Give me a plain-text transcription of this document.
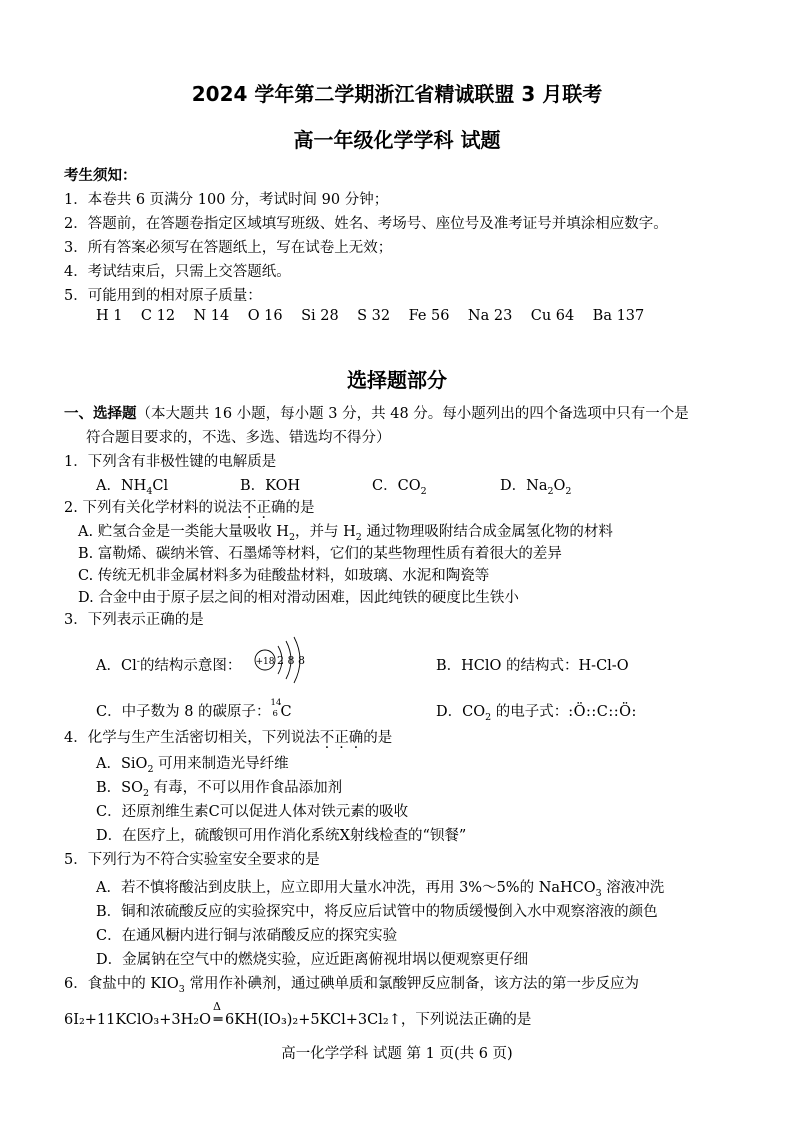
2024 学年第二学期浙江省精诚联盟 3 月联考
高一年级化学学科 试题
考生须知：
1．本卷共 6 页满分 100 分，考试时间 90 分钟；
2．答题前，在答题卷指定区域填写班级、姓名、考场号、座位号及准考证号并填涂相应数字。
3．所有答案必须写在答题纸上，写在试卷上无效；
4．考试结束后，只需上交答题纸。
5．可能用到的相对原子质量：
H 1    C 12    N 14    O 16    Si 28    S 32    Fe 56    Na 23    Cu 64    Ba 137
选择题部分
一、选择题（本大题共 16 小题，每小题 3 分，共 48 分。每小题列出的四个备选项中只有一个是
符合题目要求的，不选、多选、错选均不得分）
1．下列含有非极性键的电解质是
A．$NH_4Cl$	B．KOH	C．$CO_2$	D．$Na_2O_2$
2. 下列有关化学材料的说法不正确的是
A. 贮氢合金是一类能大量吸收 $H_2$，并与 $H_2$ 通过物理吸附结合成金属氢化物的材料
B. 富勒烯、碳纳米管、石墨烯等材料，它们的某些物理性质有着很大的差异
C. 传统无机非金属材料多为硅酸盐材料，如玻璃、水泥和陶瓷等
D. 合金中由于原子层之间的相对滑动困难，因此纯铁的硬度比生铁小
3．下列表示正确的是
A．Cl-的结构示意图： +18 2 8 8	B．HClO 的结构式：H-Cl-O
C．中子数为 8 的碳原子：
14
6 C	D．$CO_2$ 的电子式：:Ö::C::Ö:
4．化学与生产生活密切相关，下列说法不正确的是
A．SiO$_2$ 可用来制造光导纤维
B．$SO_2$ 有毒，不可以用作食品添加剂
C．还原剂维生素C可以促进人体对铁元素的吸收
D．在医疗上，硫酸钡可用作消化系统X射线检查的“钡餐”
5．下列行为不符合实验室安全要求的是
A．若不慎将酸沾到皮肤上，应立即用大量水冲洗，再用 3%～5%的 NaHCO$_3$ 溶液冲洗
B．铜和浓硫酸反应的实验探究中，将反应后试管中的物质缓慢倒入水中观察溶液的颜色
C．在通风橱内进行铜与浓硝酸反应的探究实验
D．金属钠在空气中的燃烧实验，应近距离俯视坩埚以便观察更仔细
6．食盐中的 $KIO_3$ 常用作补碘剂，通过碘单质和氯酸钾反应制备，该方法的第一步反应为
6I₂+11KClO₃+3H₂O
Δ
═ 6KH(IO₃)₂+5KCl+3Cl₂↑，下列说法正确的是
高一化学学科 试题 第 1 页(共 6 页)
